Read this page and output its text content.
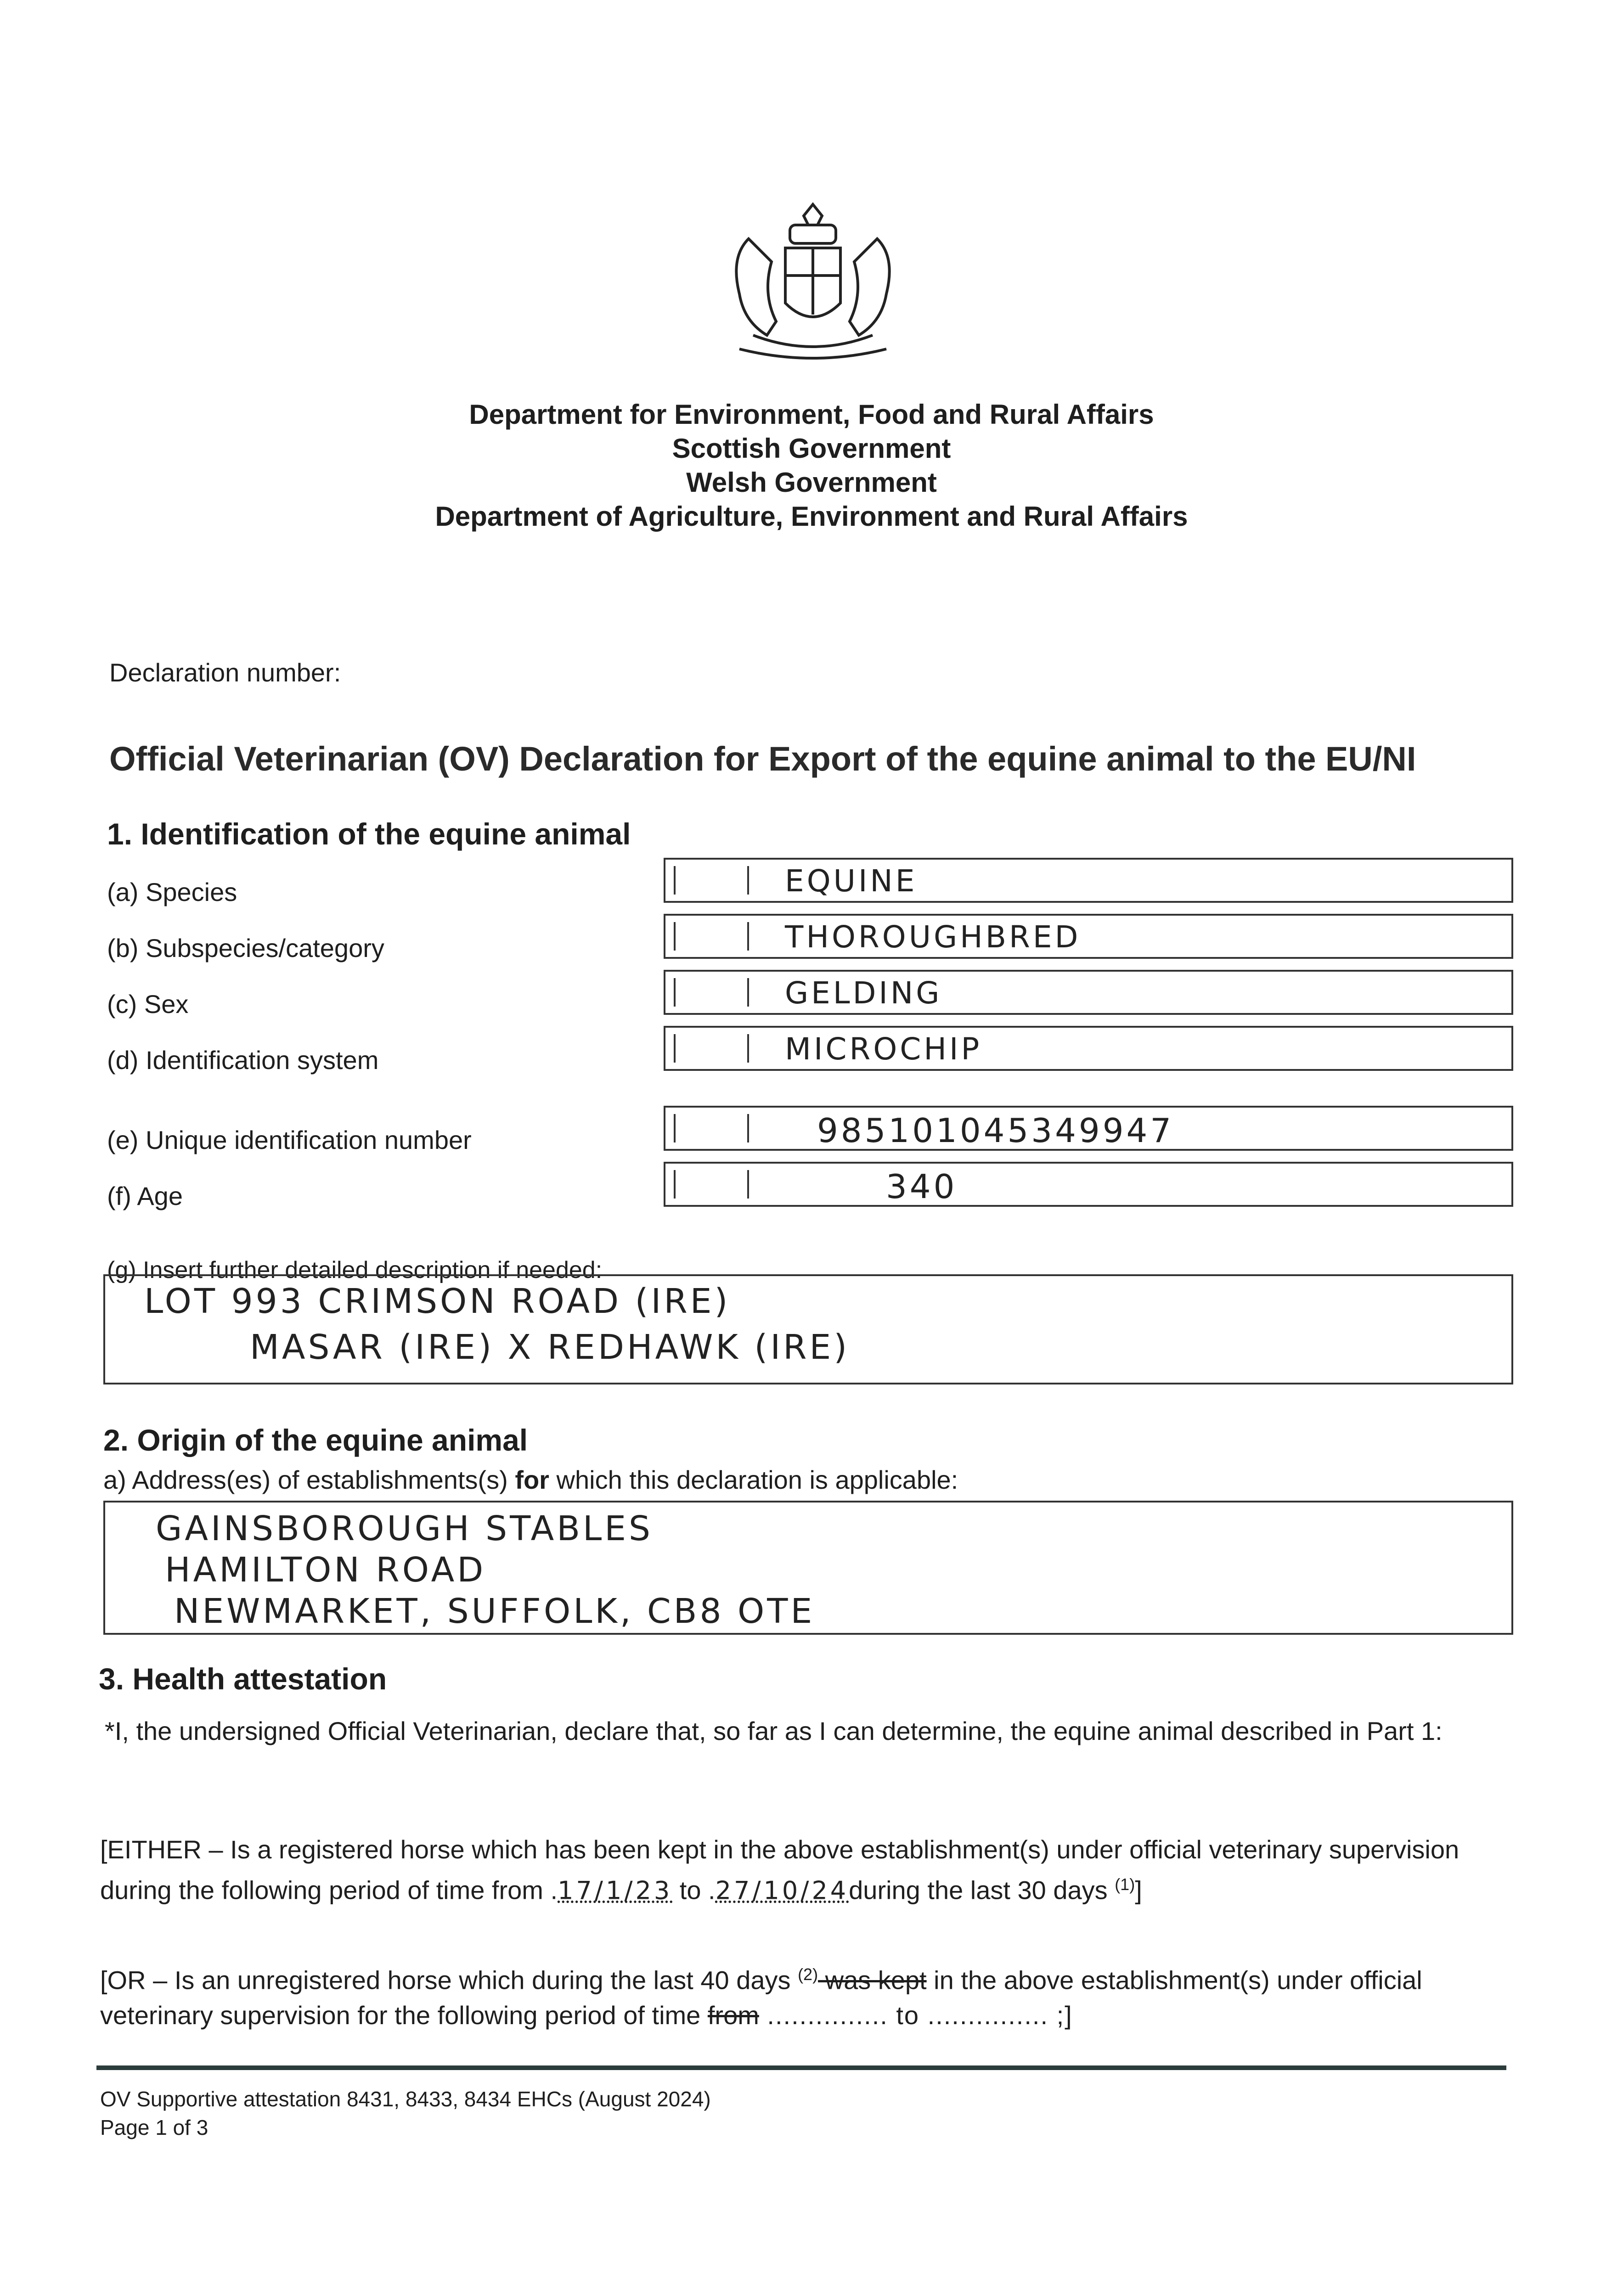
Department for Environment, Food and Rural Affairs
Scottish Government
Welsh Government
Department of Agriculture, Environment and Rural Affairs
Declaration number:
Official Veterinarian (OV) Declaration for Export of the equine animal to the EU/NI
1. Identification of the equine animal
(a) Species	EQUINE
(b) Subspecies/category	THOROUGHBRED
(c) Sex	GELDING
(d) Identification system	MICROCHIP
(e) Unique identification number	985101045349947
(f) Age	340
(g) Insert further detailed description if needed:
LOT 993 CRIMSON ROAD (IRE)
MASAR (IRE) X REDHAWK (IRE)
2. Origin of the equine animal
a) Address(es) of establishments(s) for which this declaration is applicable:
GAINSBOROUGH STABLES
HAMILTON ROAD
NEWMARKET, SUFFOLK, CB8 OTE
3. Health attestation
*I, the undersigned Official Veterinarian, declare that, so far as I can determine, the equine animal described in Part 1:
[EITHER – Is a registered horse which has been kept in the above establishment(s) under official veterinary supervision during the following period of time from .17/1/23 to .27/10/24during the last 30 days $^{(1)}$]
[OR – Is an unregistered horse which during the last 40 days $^{(2)}$ was kept in the above establishment(s) under official veterinary supervision for the following period of time from ............... to ............... ;]
OV Supportive attestation 8431, 8433, 8434 EHCs (August 2024)
Page 1 of 3
